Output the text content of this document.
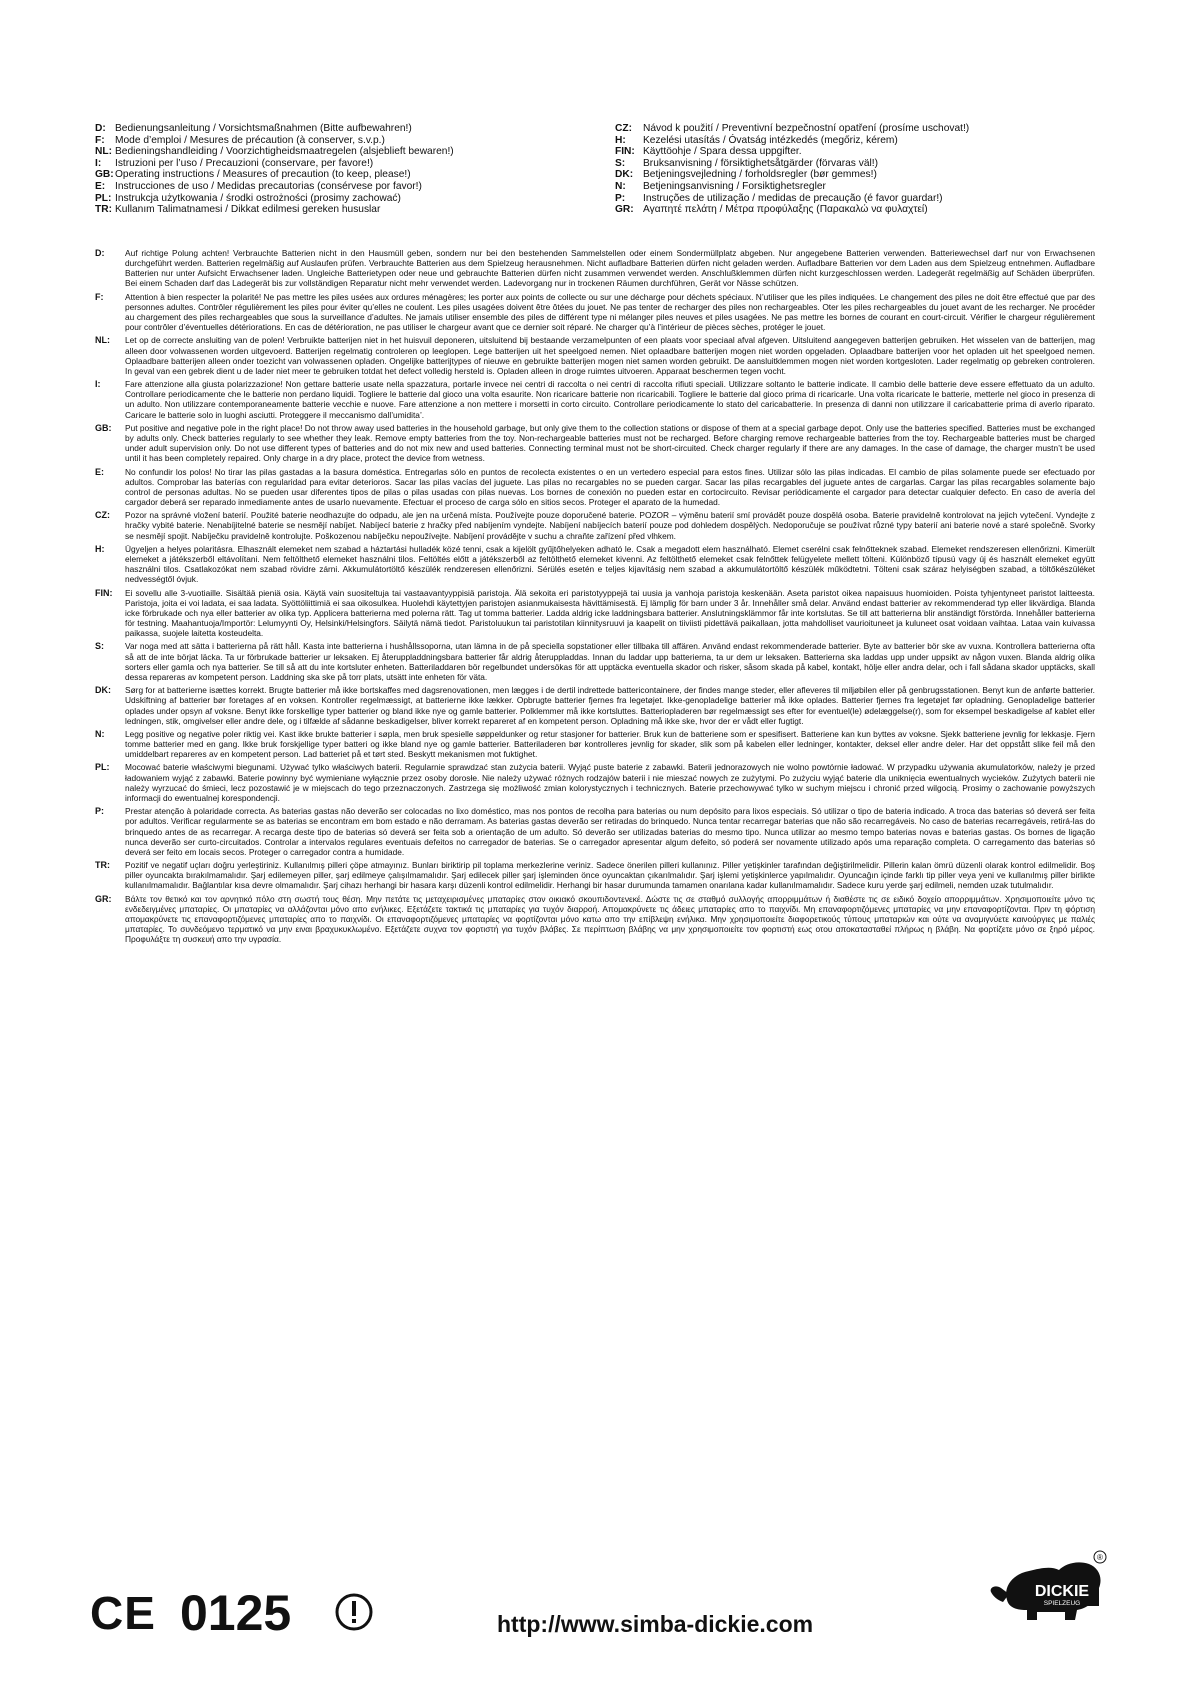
D: Bedienungsanleitung / Vorsichtsmaßnahmen (Bitte aufbewahren!)
F:	Mode d’emploi / Mesures de précaution (à conserver, s.v.p.)
NL: Bedieningshandleiding / Voorzichtigheidsmaatregelen (alsjeblieft bewaren!)
I:	Istruzioni per l’uso / Precauzioni (conservare, per favore!)
GB: Operating instructions / Measures of precaution (to keep, please!)
E: Instrucciones de uso / Medidas precautorias (consérvese por favor!)
PL: Instrukcja użytkowania / środki ostrożności (prosimy zachować)
TR: Kullanım Talimatnamesi / Dikkat edilmesi gereken hususlar
CZ:	Návod k použití / Preventivní bezpečnostní opatření (prosíme uschovat!)
H:	Kezelési utasítás / Óvatság intézkedés (megőriz, kérem)
FIN: Käyttöohje / Spara dessa uppgifter.
S:	Bruksanvisning / försiktighetsåtgärder (förvaras väl!)
DK: Betjeningsvejledning / forholdsregler (bør gemmes!)
N:	Betjeningsanvisning / Forsiktighetsregler
P:	Instruções de utilização / medidas de precaução (é favor guardar!)
GR: Αγαπητέ πελάτη / Μέτρα προφύλαξης (Παρακαλώ να φυλαχτεί)
D:	Auf richtige Polung achten! Verbrauchte Batterien nicht in den Hausmüll geben, sondern nur bei den bestehenden Sammelstellen oder einem Sondermüllplatz abgeben. Nur angegebene Batterien verwenden. Batteriewechsel darf nur von Erwachsenen durchgeführt werden. Batterien regelmäßig auf Auslaufen prüfen. Verbrauchte Batterien aus dem Spielzeug herausnehmen. Nicht aufladbare Batterien dürfen nicht geladen werden. Aufladbare Batterien vor dem Laden aus dem Spielzeug entnehmen. Aufladbare Batterien nur unter Aufsicht Erwachsener laden. Ungleiche Batterietypen oder neue und gebrauchte Batterien dürfen nicht zusammen verwendet werden. Anschlußklemmen dürfen nicht kurzgeschlossen werden. Ladegerät regelmäßig auf Schäden überprüfen. Bei einem Schaden darf das Ladegerät bis zur vollständigen Reparatur nicht mehr verwendet werden. Ladevorgang nur in trockenen Räumen durchführen, Gerät vor Nässe schützen.
F:	Attention à bien respecter la polarité! Ne pas mettre les piles usées aux ordures ménagères; les porter aux points de collecte ou sur une décharge pour déchets spéciaux. N’utiliser que les piles indiquées. Le changement des piles ne doit être effectué que par des personnes adultes. Contrôler régulièrement les piles pour éviter qu’elles ne coulent. Les piles usagées doivent être ôtées du jouet. Ne pas tenter de recharger des piles non rechargeables. Oter les piles rechargeables du jouet avant de les recharger. Ne procéder au chargement des piles rechargeables que sous la surveillance d’adultes. Ne jamais utiliser ensemble des piles de différent type ni mélanger piles neuves et piles usagées. Ne pas mettre les bornes de courant en court-circuit. Vérifier le chargeur régulièrement pour contrôler d’éventuelles détériorations. En cas de détérioration, ne pas utiliser le chargeur avant que ce dernier soit réparé. Ne charger qu’à l’intérieur de pièces sèches, protéger le jouet.
NL:	Let op de correcte ansluiting van de polen! Verbruikte batterijen niet in het huisvuil deponeren, uitsluitend bij bestaande verzamelpunten of een plaats voor speciaal afval afgeven. Uitsluitend aangegeven batterijen gebruiken. Het wisselen van de batterijen, mag alleen door volwassenen worden uitgevoerd. Batterijen regelmatig controleren op leeglopen. Lege batterijen uit het speelgoed nemen. Niet oplaadbare batterijen mogen niet worden opgeladen. Oplaadbare batterijen voor het opladen uit het speelgoed nemen. Oplaadbare batterijen alleen onder toezicht van volwassenen opladen. Ongelijke batterijtypes of nieuwe en gebruikte batterijen mogen niet samen worden gebruikt. De aansluitklemmen mogen niet worden kortgesloten. Lader regelmatig op gebreken controleren. In geval van een gebrek dient u de lader niet meer te gebruiken totdat het defect volledig hersteld is. Opladen alleen in droge ruimtes uitvoeren. Apparaat beschermen tegen vocht.
I:	Fare attenzione alla giusta polarizzazione! Non gettare batterie usate nella spazzatura, portarle invece nei centri di raccolta o nei centri di raccolta rifiuti speciali. Utilizzare soltanto le batterie indicate. Il cambio delle batterie deve essere effettuato da un adulto. Controllare periodicamente che le batterie non perdano liquidi. Togliere le batterie dal gioco una volta esaurite. Non ricaricare batterie non ricaricabili. Togliere le batterie dal gioco prima di ricaricarle. Una volta ricaricate le batterie, metterle nel gioco in presenza di un adulto. Non utilizzare contemporaneamente batterie vecchie e nuove. Fare attenzione a non mettere i morsetti in corto circuito. Controllare periodicamente lo stato del caricabatterie. In presenza di danni non utilizzare il caricabatterie prima di averlo riparato. Caricare le batterie solo in luoghi asciutti. Proteggere il meccanismo dall’umidita’.
GB:	Put positive and negative pole in the right place! Do not throw away used batteries in the household garbage, but only give them to the collection stations or dispose of them at a special garbage depot. Only use the batteries specified. Batteries must be exchanged by adults only. Check batteries regularly to see whether they leak. Remove empty batteries from the toy. Non-rechargeable batteries must not be recharged. Before charging remove rechargeable batteries from the toy. Rechargeable batteries must be charged under adult supervision only. Do not use different types of batteries and do not mix new and used batteries. Connecting terminal must not be short-circuited. Check charger regularly if there are any damages. In the case of damage, the charger mustn’t be used until it has been completely repaired. Only charge in a dry place, protect the device from wetness.
E:	No confundir los polos! No tirar las pilas gastadas a la basura doméstica. Entregarlas sólo en puntos de recolecta existentes o en un vertedero especial para estos fines. Utilizar sólo las pilas indicadas. El cambio de pilas solamente puede ser efectuado por adultos. Comprobar las baterías con regularidad para evitar deterioros. Sacar las pilas vacías del juguete. Las pilas no recargables no se pueden cargar. Sacar las pilas recargables del juguete antes de cargarlas. Cargar las pilas recargables solamente bajo control de personas adultas. No se pueden usar diferentes tipos de pilas o pilas usadas con pilas nuevas. Los bornes de conexión no pueden estar en cortocircuito. Revisar periódicamente el cargador para detectar cualquier defecto. En caso de avería del cargador deberá ser reparado inmediamente antes de usarlo nuevamente. Efectuar el proceso de carga sólo en sitios secos. Proteger el aparato de la humedad.
CZ:	Pozor na správné vložení baterií. Použité baterie neodhazujte do odpadu, ale jen na určená místa. Používejte pouze doporučené baterie. POZOR – výměnu baterií smí provádět pouze dospělá osoba. Baterie pravidelně kontrolovat na jejich vytečení. Vyndejte z hračky vybité baterie. Nenabíjitelné baterie se nesmějí nabíjet. Nabíjecí baterie z hračky před nabíjením vyndejte. Nabíjení nabíjecích baterií pouze pod dohledem dospělých. Nedoporučuje se používat různé typy baterií ani baterie nové a staré společně. Svorky se nesmějí spojit. Nabíječku pravidelně kontrolujte. Poškozenou nabíječku nepoužívejte. Nabíjení provádějte v suchu a chraňte zařízení před vlhkem.
H:	Ügyeljen a helyes polaritásra. Elhasznált elemeket nem szabad a háztartási hulladék közé tenni, csak a kijelölt gyűjtőhelyeken adható le. Csak a megadott elem használható. Elemet cserélni csak felnőtteknek szabad. Elemeket rendszeresen ellenőrizni. Kimerült elemeket a játékszerből eltávolítani. Nem feltölthető elemeket használni tilos. Feltöltés előtt a játékszerből az feltölthető elemeket kivenni. Az feltölthető elemeket csak felnőttek felügyelete mellett tölteni. Különböző típusú vagy új és használt elemeket együtt használni tilos. Csatlakozókat nem szabad rövidre zárni. Akkumulátortöltő készülék rendzeresen ellenőrizni. Sérülés esetén e teljes kijavításig nem szabad a akkumulátortöltő készülék működtetni. Tölteni csak száraz helyiségben szabad, a töltőkészüléket nedvességtől óvjuk.
FIN:	Ei sovellu alle 3-vuotiaille. Sisältää pieniä osia. Käytä vain suositeltuja tai vastaavantyyppisiä paristoja. Älä sekoita eri paristotyyppejä tai uusia ja vanhoja paristoja keskenään. Aseta paristot oikea napaisuus huomioiden. Poista tyhjentyneet paristot laitteesta. Paristoja, joita ei voi ladata, ei saa ladata. Syöttöliittimiä ei saa oikosulkea. Huolehdi käytettyjen paristojen asianmukaisesta hävittämisestä. Ej lämplig för barn under 3 år. Innehåller små delar. Använd endast batterier av rekommenderad typ eller likvärdiga. Blanda icke förbrukade och nya eller batterier av olika typ. Applicera batterierna med polerna rätt. Tag ut tomma batterier. Ladda aldrig icke laddningsbara batterier. Anslutningsklämmor får inte kortslutas. Se till att batterierna blir anständigt förstörda. Innehåller batterierna för testning. Maahantuoja/Importör: Lelumyynti Oy, Helsinki/Helsingfors. Säilytä nämä tiedot. Paristoluukun tai paristotilan kiinnitysruuvi ja kaapelit on tiiviisti pidettävä paikallaan, jotta mahdolliset vaurioituneet ja kuluneet osat voidaan vaihtaa. Lataa vain kuivassa paikassa, suojele laitetta kosteudelta.
S:	Var noga med att sätta i batterierna på rätt håll. Kasta inte batterierna i hushållssoporna, utan lämna in de på speciella sopstationer eller tillbaka till affären. Använd endast rekommenderade batterier. Byte av batterier bör ske av vuxna. Kontrollera batterierna ofta så att de inte börjat läcka. Ta ur förbrukade batterier ur leksaken. Ej återuppladdningsbara batterier får aldrig återuppladdas. Innan du laddar upp batterierna, ta ur dem ur leksaken. Batterierna ska laddas upp under uppsikt av någon vuxen. Blanda aldrig olika sorters eller gamla och nya batterier. Se till så att du inte kortsluter enheten. Batteriladdaren bör regelbundet undersökas för att upptäcka eventuella skador och risker, såsom skada på kabel, kontakt, hölje eller andra delar, och i fall sådana skador upptäcks, skall dessa repareras av kompetent person. Laddning ska ske på torr plats, utsätt inte enheten för väta.
DK:	Sørg for at batterierne isættes korrekt. Brugte batterier må ikke bortskaffes med dagsrenovationen, men lægges i de dertil indrettede battericontainere, der findes mange steder, eller afleveres til miljøbilen eller på genbrugsstationen. Benyt kun de anførte batterier. Udskiftning af batterier bør foretages af en voksen. Kontroller regelmæssigt, at batterierne ikke lækker. Opbrugte batterier fjernes fra legetøjet. Ikke-genopladelige batterier må ikke oplades. Batterier fjernes fra legetøjet før opladning. Genopladelige batterier oplades under opsyn af voksne. Benyt ikke forskellige typer batterier og bland ikke nye og gamle batterier. Polklemmer må ikke kortsluttes. Batteriopladeren bør regelmæssigt ses efter for eventuel(le) ødelæggelse(r), som for eksempel beskadigelse af kablet eller ledningen, stik, omgivelser eller andre dele, og i tilfælde af sådanne beskadigelser, bliver korrekt repareret af en kompetent person. Opladning må ikke ske, hvor der er vådt eller fugtigt.
N:	Legg positive og negative poler riktig vei. Kast ikke brukte batterier i søpla, men bruk spesielle søppeldunker og retur stasjoner for batterier. Bruk kun de batteriene som er spesifisert. Batteriene kan kun byttes av voksne. Sjekk batteriene jevnlig for lekkasje. Fjern tomme batterier med en gang. Ikke bruk forskjellige typer batteri og ikke bland nye og gamle batterier. Batteriladeren bør kontrolleres jevnlig for skader, slik som på kabelen eller ledninger, kontakter, deksel eller andre deler. Har det oppstått slike feil må den umiddelbart repareres av en kompetent person. Lad batteriet på et tørt sted. Beskytt mekanismen mot fuktighet.
PL:	Mocować baterie właściwymi biegunami. Używać tylko właściwych baterii. Regularnie sprawdzać stan zużycia baterii. Wyjąć puste baterie z zabawki. Baterii jednorazowych nie wolno powtórnie ładować. W przypadku używania akumulatorków, należy je przed ładowaniem wyjąć z zabawki. Baterie powinny być wymieniane wyłącznie przez osoby dorosłe. Nie należy używać różnych rodzajów baterii i nie mieszać nowych ze zużytymi. Po zużyciu wyjąć baterie dla uniknięcia ewentualnych wycieków. Zużytych baterii nie należy wyrzucać do śmieci, lecz pozostawić je w miejscach do tego przeznaczonych. Zastrzega się możliwość zmian kolorystycznych i technicznych. Baterie przechowywać tylko w suchym miejscu i chronić przed wilgocią. Prosimy o zachowanie powyższych informacji do ewentualnej korespondencji.
P:	Prestar atenção à polaridade correcta. As baterias gastas não deverão ser colocadas no lixo doméstico, mas nos pontos de recolha para baterias ou num depósito para lixos especiais. Só utilizar o tipo de bateria indicado. A troca das baterias só deverá ser feita por adultos. Verificar regularmente se as baterias se encontram em bom estado e não derramam. As baterias gastas deverão ser retiradas do brinquedo. Nunca tentar recarregar baterias que não são recarregáveis. No caso de baterias recarregáveis, retirá-las do brinquedo antes de as recarregar. A recarga deste tipo de baterias só deverá ser feita sob a orientação de um adulto. Só deverão ser utilizadas baterias do mesmo tipo. Nunca utilizar ao mesmo tempo baterias novas e baterias gastas. Os bornes de ligação nunca deverão ser curto-circuitados. Controlar a intervalos regulares eventuais defeitos no carregador de baterias. Se o carregador apresentar algum defeito, só poderá ser novamente utilizado após uma reparação completa. O carregamento das baterias só deverá ser feito em locais secos. Proteger o carregador contra a humidade.
TR:	Pozitif ve negatif uçları doğru yerleştiriniz. Kullanılmış pilleri çöpe atmayınız. Bunları biriktirip pil toplama merkezlerine veriniz. Sadece önerilen pilleri kullanınız. Piller yetişkinler tarafından değiştirilmelidir. Pillerin kalan ömrü düzenli olarak kontrol edilmelidir. Boş piller oyuncakta bırakılmamalıdır. Şarj edilemeyen piller, şarj edilmeye çalışılmamalıdır. Şarj edilecek piller şarj işleminden önce oyuncaktan çıkarılmalıdır. Şarj işlemi yetişkinlerce yapılmalıdır. Oyuncağın içinde farklı tip piller veya yeni ve kullanılmış piller birlikte kullanılmamalıdır. Bağlantılar kısa devre olmamalıdır. Şarj cihazı herhangi bir hasara karşı düzenli kontrol edilmelidir. Herhangi bir hasar durumunda tamamen onarılana kadar kullanılmamalıdır. Sadece kuru yerde şarj edilmeli, nemden uzak tutulmalıdır.
GR:	Βάλτε τον θετικό και τον αρνητικό πόλο στη σωστή τους θέση. Μην πετάτε τις μεταχειρισμένες μπαταρίες στον οικιακό σκουπιδοντενεκέ. Δώστε τις σε σταθμό συλλογής απορριμμάτων ή διαθέστε τις σε ειδικό δοχείο απορριμμάτων. Χρησιμοποιείτε μόνο τις ενδεδειγμένες μπαταρίες. Οι μπαταρίες να αλλάζονται μόνο απο ενήλικες. Εξετάζετε τακτικά τις μπαταρίες για τυχόν διαρροή. Απομακρύνετε τις άδειες μπαταρίες απο το παιχνίδι. Μη επαναφορτιζόμενες μπαταρίες να μην επαναφορτίζονται. Πριν τη φόρτιση απομακρύνετε τις επαναφορτιζόμενες μπαταρίες απο το παιχνίδι. Οι επαναφορτιζόμενες μπαταρίες να φορτίζονται μόνο κατω απο την επίβλεψη ενήλικα. Μην χρησιμοποιείτε διαφορετικούς τύπους μπαταριών και ούτε να αναμιγνύετε καινούργιες με παλιές μπαταρίες. Το συνδεόμενο τερματικό να μην ειναι βραχυκυκλωμένο. Εξετάζετε συχνα τον φορτιστή για τυχόν βλάβες. Σε περίπτωση βλάβης να μην χρησιμοποιείτε τον φορτιστή εως οτου αποκατασταθεί πλήρως η βλάβη. Να φορτίζετε μόνο σε ξηρό μέρος. Προφυλάξτε τη συσκευή απο την υγρασία.
CE 0125	http://www.simba-dickie.com
DICKIE
SPIELZEUG
®
